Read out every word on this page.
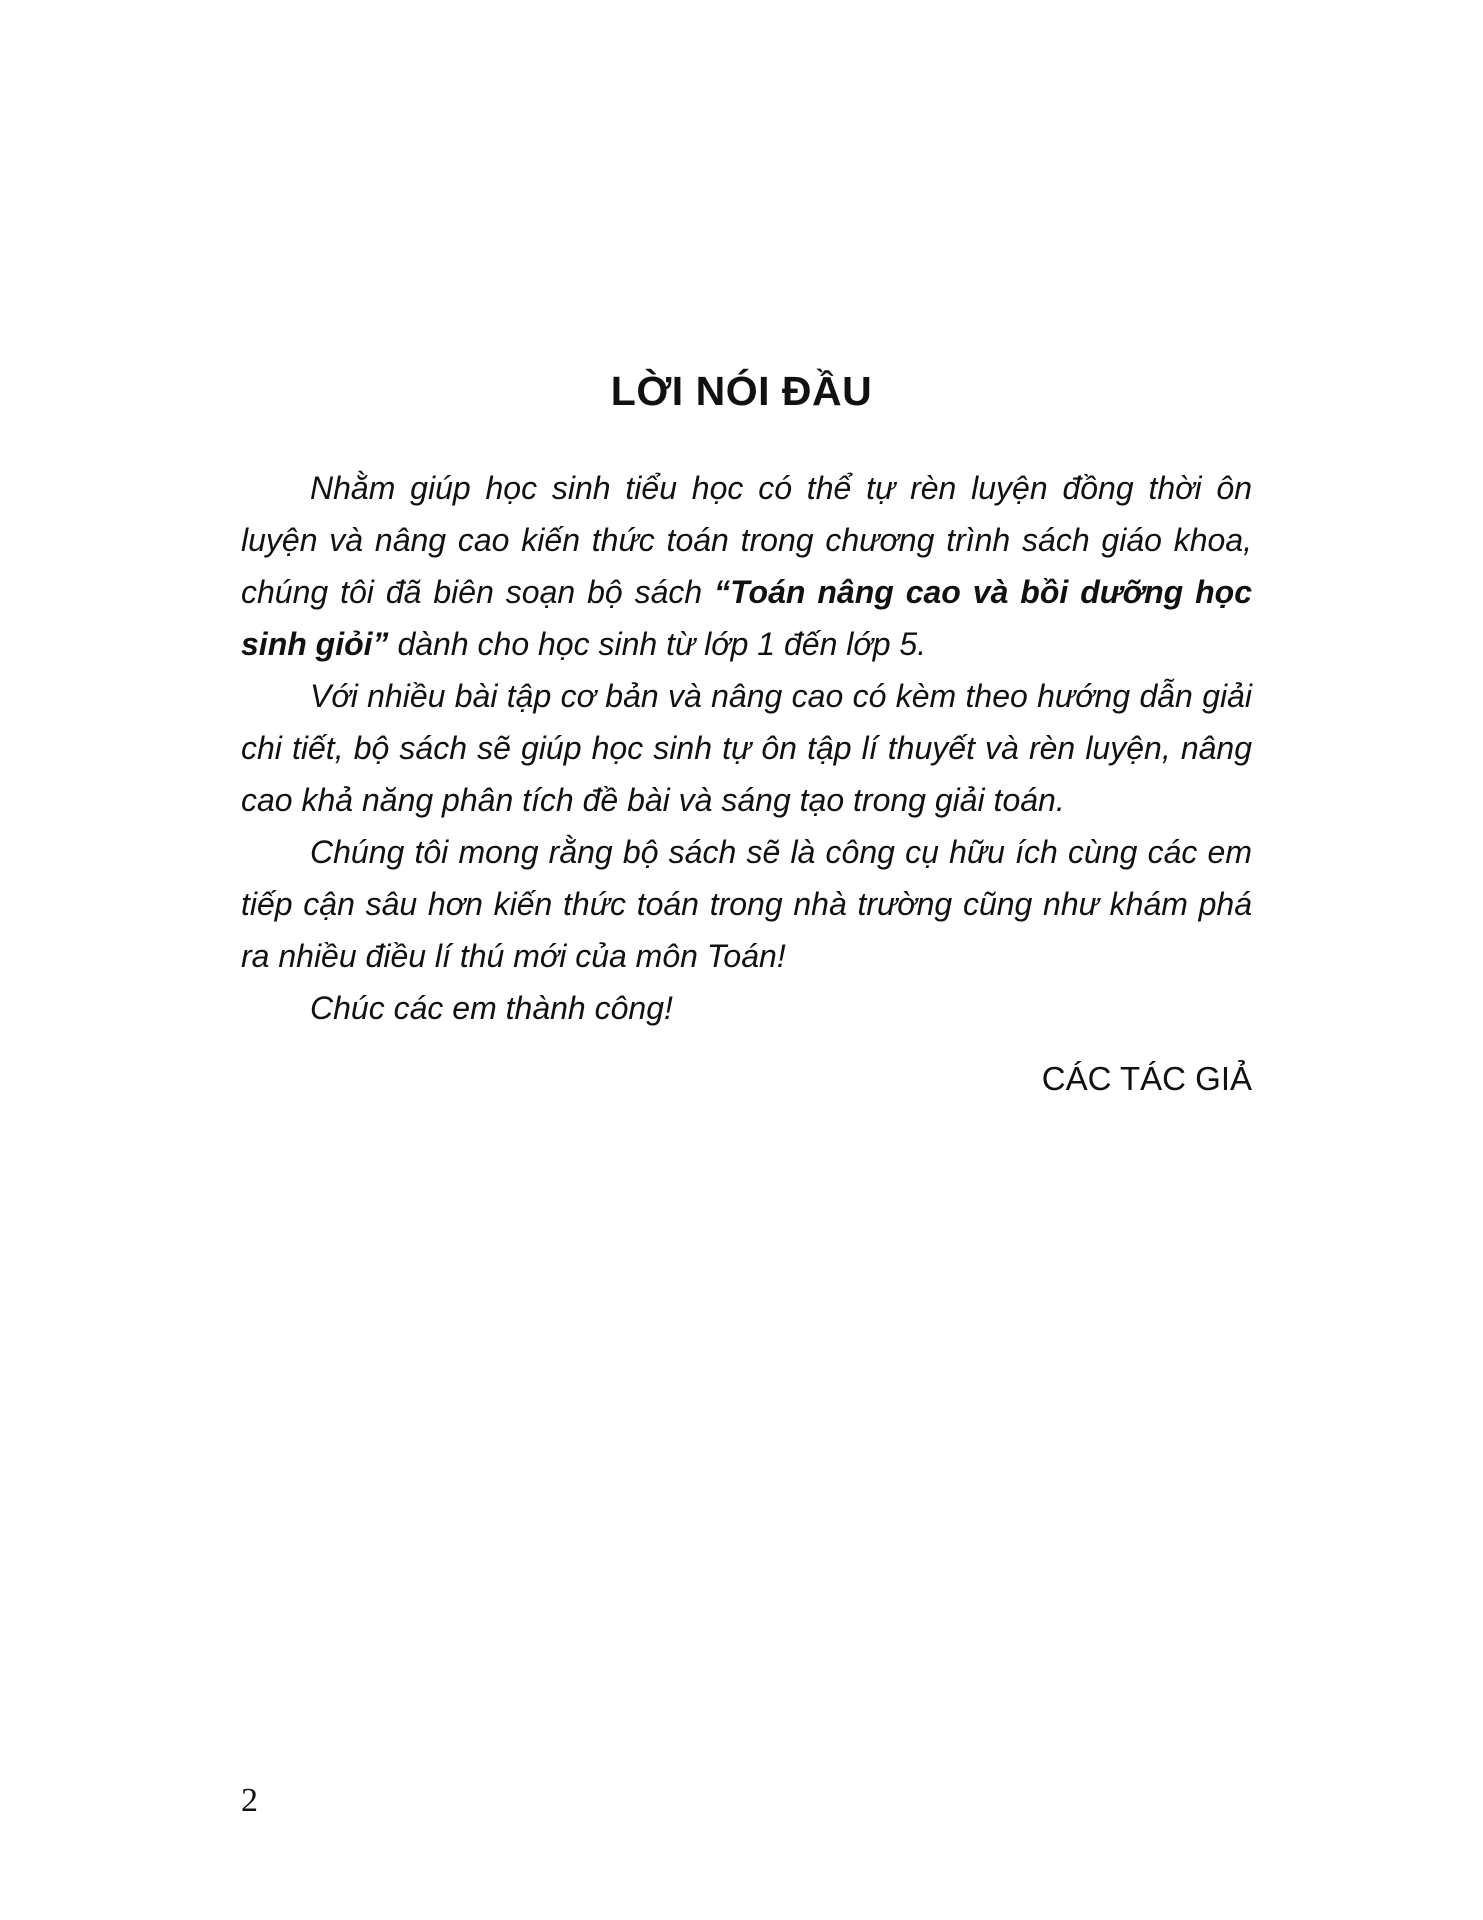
LỜI NÓI ĐẦU

Nhằm giúp học sinh tiểu học có thể tự rèn luyện đồng thời ôn luyện và nâng cao kiến thức toán trong chương trình sách giáo khoa, chúng tôi đã biên soạn bộ sách “Toán nâng cao và bồi dưỡng học sinh giỏi” dành cho học sinh từ lớp 1 đến lớp 5.

Với nhiều bài tập cơ bản và nâng cao có kèm theo hướng dẫn giải chi tiết, bộ sách sẽ giúp học sinh tự ôn tập lí thuyết và rèn luyện, nâng cao khả năng phân tích đề bài và sáng tạo trong giải toán.

Chúng tôi mong rằng bộ sách sẽ là công cụ hữu ích cùng các em tiếp cận sâu hơn kiến thức toán trong nhà trường cũng như khám phá ra nhiều điều lí thú mới của môn Toán!

Chúc các em thành công!

CÁC TÁC GIẢ

2
